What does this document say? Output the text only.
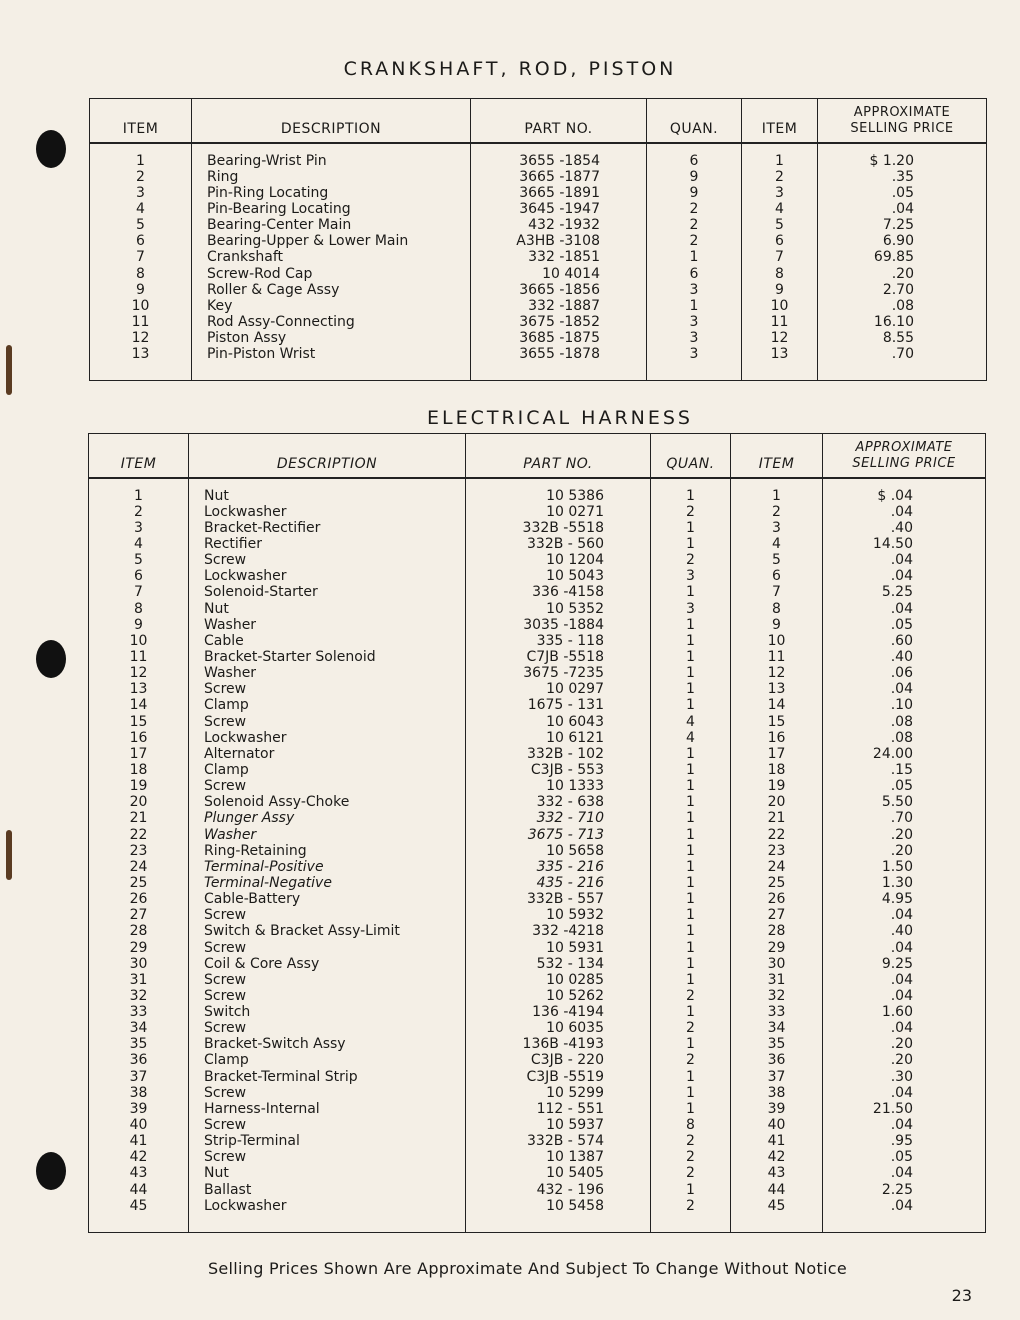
CRANKSHAFT, ROD, PISTON
ITEM	DESCRIPTION	PART NO.	QUAN.	ITEM	APPROXIMATE SELLING PRICE
1	Bearing-Wrist Pin	3655 -1854	6	1	$ 1.20
2	Ring	3665 -1877	9	2	.35
3	Pin-Ring Locating	3665 -1891	9	3	.05
4	Pin-Bearing Locating	3645 -1947	2	4	.04
5	Bearing-Center Main	432 -1932	2	5	7.25
6	Bearing-Upper & Lower Main	A3HB -3108	2	6	6.90
7	Crankshaft	332 -1851	1	7	69.85
8	Screw-Rod Cap	10 4014	6	8	.20
9	Roller & Cage Assy	3665 -1856	3	9	2.70
10	Key	332 -1887	1	10	.08
11	Rod Assy-Connecting	3675 -1852	3	11	16.10
12	Piston Assy	3685 -1875	3	12	8.55
13	Pin-Piston Wrist	3655 -1878	3	13	.70
ELECTRICAL HARNESS
ITEM	DESCRIPTION	PART NO.	QUAN.	ITEM	APPROXIMATE SELLING PRICE
1	Nut	10 5386	1	1	$ .04
2	Lockwasher	10 0271	2	2	.04
3	Bracket-Rectifier	332B -5518	1	3	.40
4	Rectifier	332B - 560	1	4	14.50
5	Screw	10 1204	2	5	.04
6	Lockwasher	10 5043	3	6	.04
7	Solenoid-Starter	336 -4158	1	7	5.25
8	Nut	10 5352	3	8	.04
9	Washer	3035 -1884	1	9	.05
10	Cable	335 - 118	1	10	.60
11	Bracket-Starter Solenoid	C7JB -5518	1	11	.40
12	Washer	3675 -7235	1	12	.06
13	Screw	10 0297	1	13	.04
14	Clamp	1675 - 131	1	14	.10
15	Screw	10 6043	4	15	.08
16	Lockwasher	10 6121	4	16	.08
17	Alternator	332B - 102	1	17	24.00
18	Clamp	C3JB - 553	1	18	.15
19	Screw	10 1333	1	19	.05
20	Solenoid Assy-Choke	332 - 638	1	20	5.50
21	Plunger Assy	332 - 710	1	21	.70
22	Washer	3675 - 713	1	22	.20
23	Ring-Retaining	10 5658	1	23	.20
24	Terminal-Positive	335 - 216	1	24	1.50
25	Terminal-Negative	435 - 216	1	25	1.30
26	Cable-Battery	332B - 557	1	26	4.95
27	Screw	10 5932	1	27	.04
28	Switch & Bracket Assy-Limit	332 -4218	1	28	.40
29	Screw	10 5931	1	29	.04
30	Coil & Core Assy	532 - 134	1	30	9.25
31	Screw	10 0285	1	31	.04
32	Screw	10 5262	2	32	.04
33	Switch	136 -4194	1	33	1.60
34	Screw	10 6035	2	34	.04
35	Bracket-Switch Assy	136B -4193	1	35	.20
36	Clamp	C3JB - 220	2	36	.20
37	Bracket-Terminal Strip	C3JB -5519	1	37	.30
38	Screw	10 5299	1	38	.04
39	Harness-Internal	112 - 551	1	39	21.50
40	Screw	10 5937	8	40	.04
41	Strip-Terminal	332B - 574	2	41	.95
42	Screw	10 1387	2	42	.05
43	Nut	10 5405	2	43	.04
44	Ballast	432 - 196	1	44	2.25
45	Lockwasher	10 5458	2	45	.04
Selling Prices Shown Are Approximate And Subject To Change Without Notice
23
